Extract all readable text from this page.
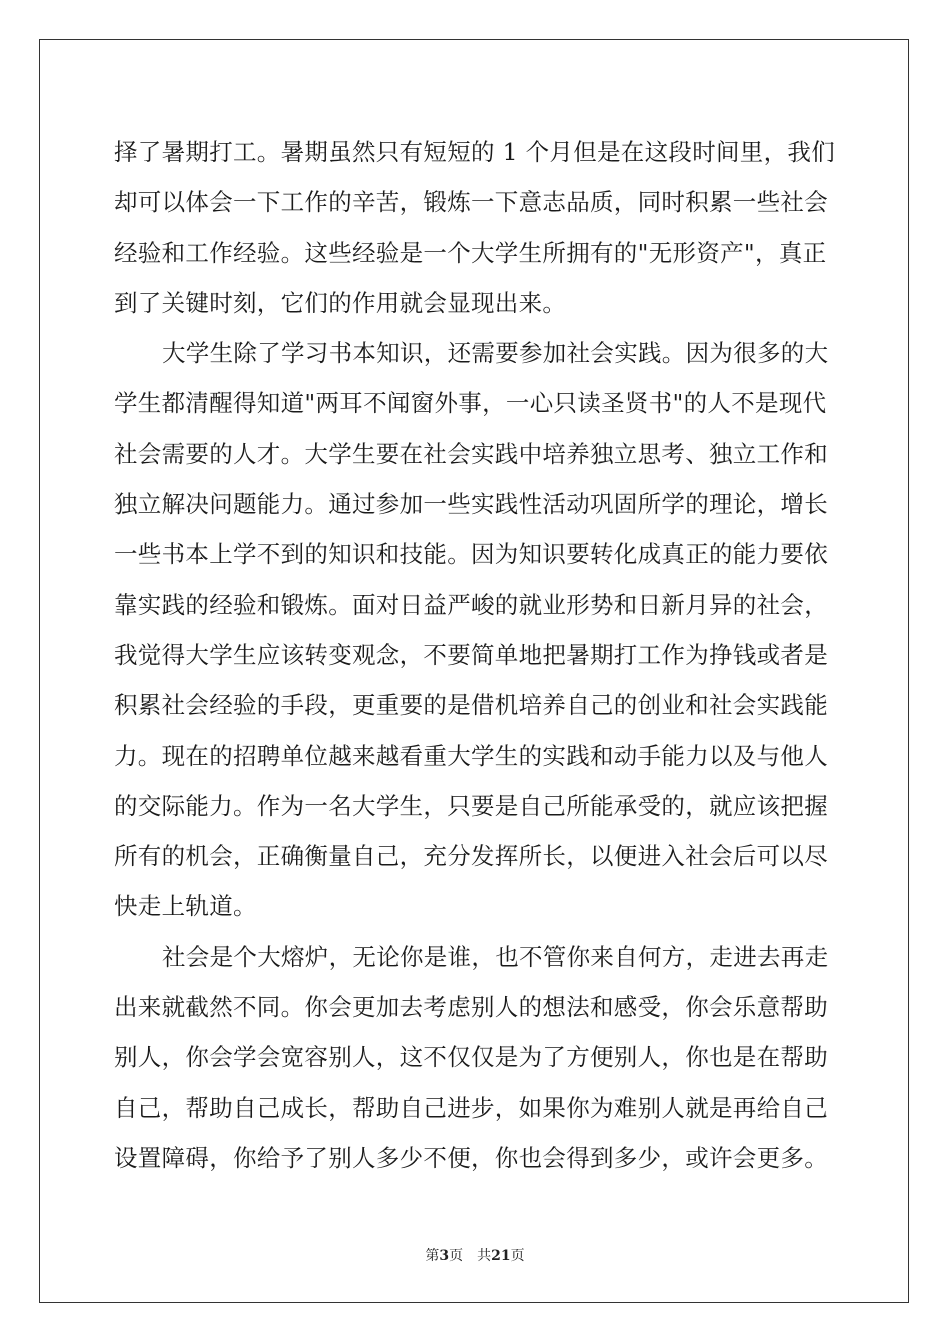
择了暑期打工。暑期虽然只有短短的 1 个月但是在这段时间里，我们
却可以体会一下工作的辛苦，锻炼一下意志品质，同时积累一些社会
经验和工作经验。这些经验是一个大学生所拥有的"无形资产"，真正
到了关键时刻，它们的作用就会显现出来。
大学生除了学习书本知识，还需要参加社会实践。因为很多的大
学生都清醒得知道"两耳不闻窗外事，一心只读圣贤书"的人不是现代
社会需要的人才。大学生要在社会实践中培养独立思考、独立工作和
独立解决问题能力。通过参加一些实践性活动巩固所学的理论，增长
一些书本上学不到的知识和技能。因为知识要转化成真正的能力要依
靠实践的经验和锻炼。面对日益严峻的就业形势和日新月异的社会，
我觉得大学生应该转变观念，不要简单地把暑期打工作为挣钱或者是
积累社会经验的手段，更重要的是借机培养自己的创业和社会实践能
力。现在的招聘单位越来越看重大学生的实践和动手能力以及与他人
的交际能力。作为一名大学生，只要是自己所能承受的，就应该把握
所有的机会，正确衡量自己，充分发挥所长，以便进入社会后可以尽
快走上轨道。
社会是个大熔炉，无论你是谁，也不管你来自何方，走进去再走
出来就截然不同。你会更加去考虑别人的想法和感受，你会乐意帮助
别人，你会学会宽容别人，这不仅仅是为了方便别人，你也是在帮助
自己，帮助自己成长，帮助自己进步，如果你为难别人就是再给自己
设置障碍，你给予了别人多少不便，你也会得到多少，或许会更多。
第3页 共21页
